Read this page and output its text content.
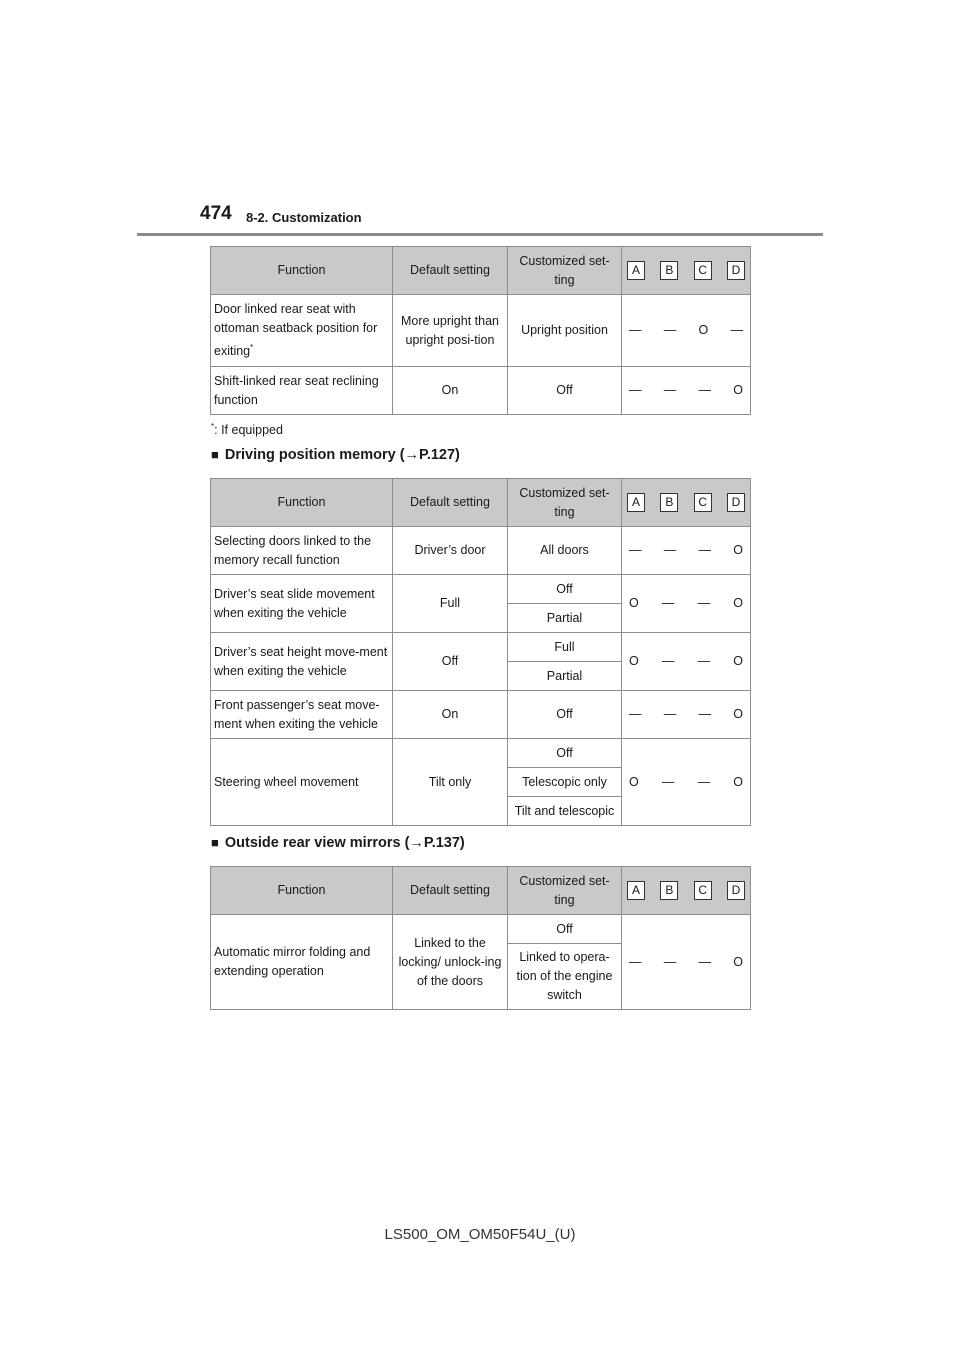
474 8-2. Customization
Function	Default setting	Customized set-ting	A B C D

Door linked rear seat with ottoman seatback position for exiting*	More upright than upright posi-tion	Upright position	— — O —

Shift-linked rear seat reclining function	On	Off	— — — O
*: If equipped
■ Driving position memory (→P.127)
Function	Default setting	Customized set-ting	A B C D

Selecting doors linked to the memory recall function	Driver’s door	All doors	— — — O

Driver’s seat slide movement when exiting the vehicle	Full	Off	O — — O

		Partial	
Driver’s seat height move-ment when exiting the vehicle	Off	Full	O — — O

		Partial	
Front passenger’s seat move-ment when exiting the vehicle	On	Off	— — — O

Steering wheel movement	Tilt only	Off	O — — O

		Telescopic only	
		Tilt and telescopic	
■ Outside rear view mirrors (→P.137)
Function	Default setting	Customized set-ting	A B C D

Automatic mirror folding and extending operation	Linked to the locking/ unlock-ing of the doors	Off	— — — O

		Linked to opera-tion of the engine switch	
LS500_OM_OM50F54U_(U)
